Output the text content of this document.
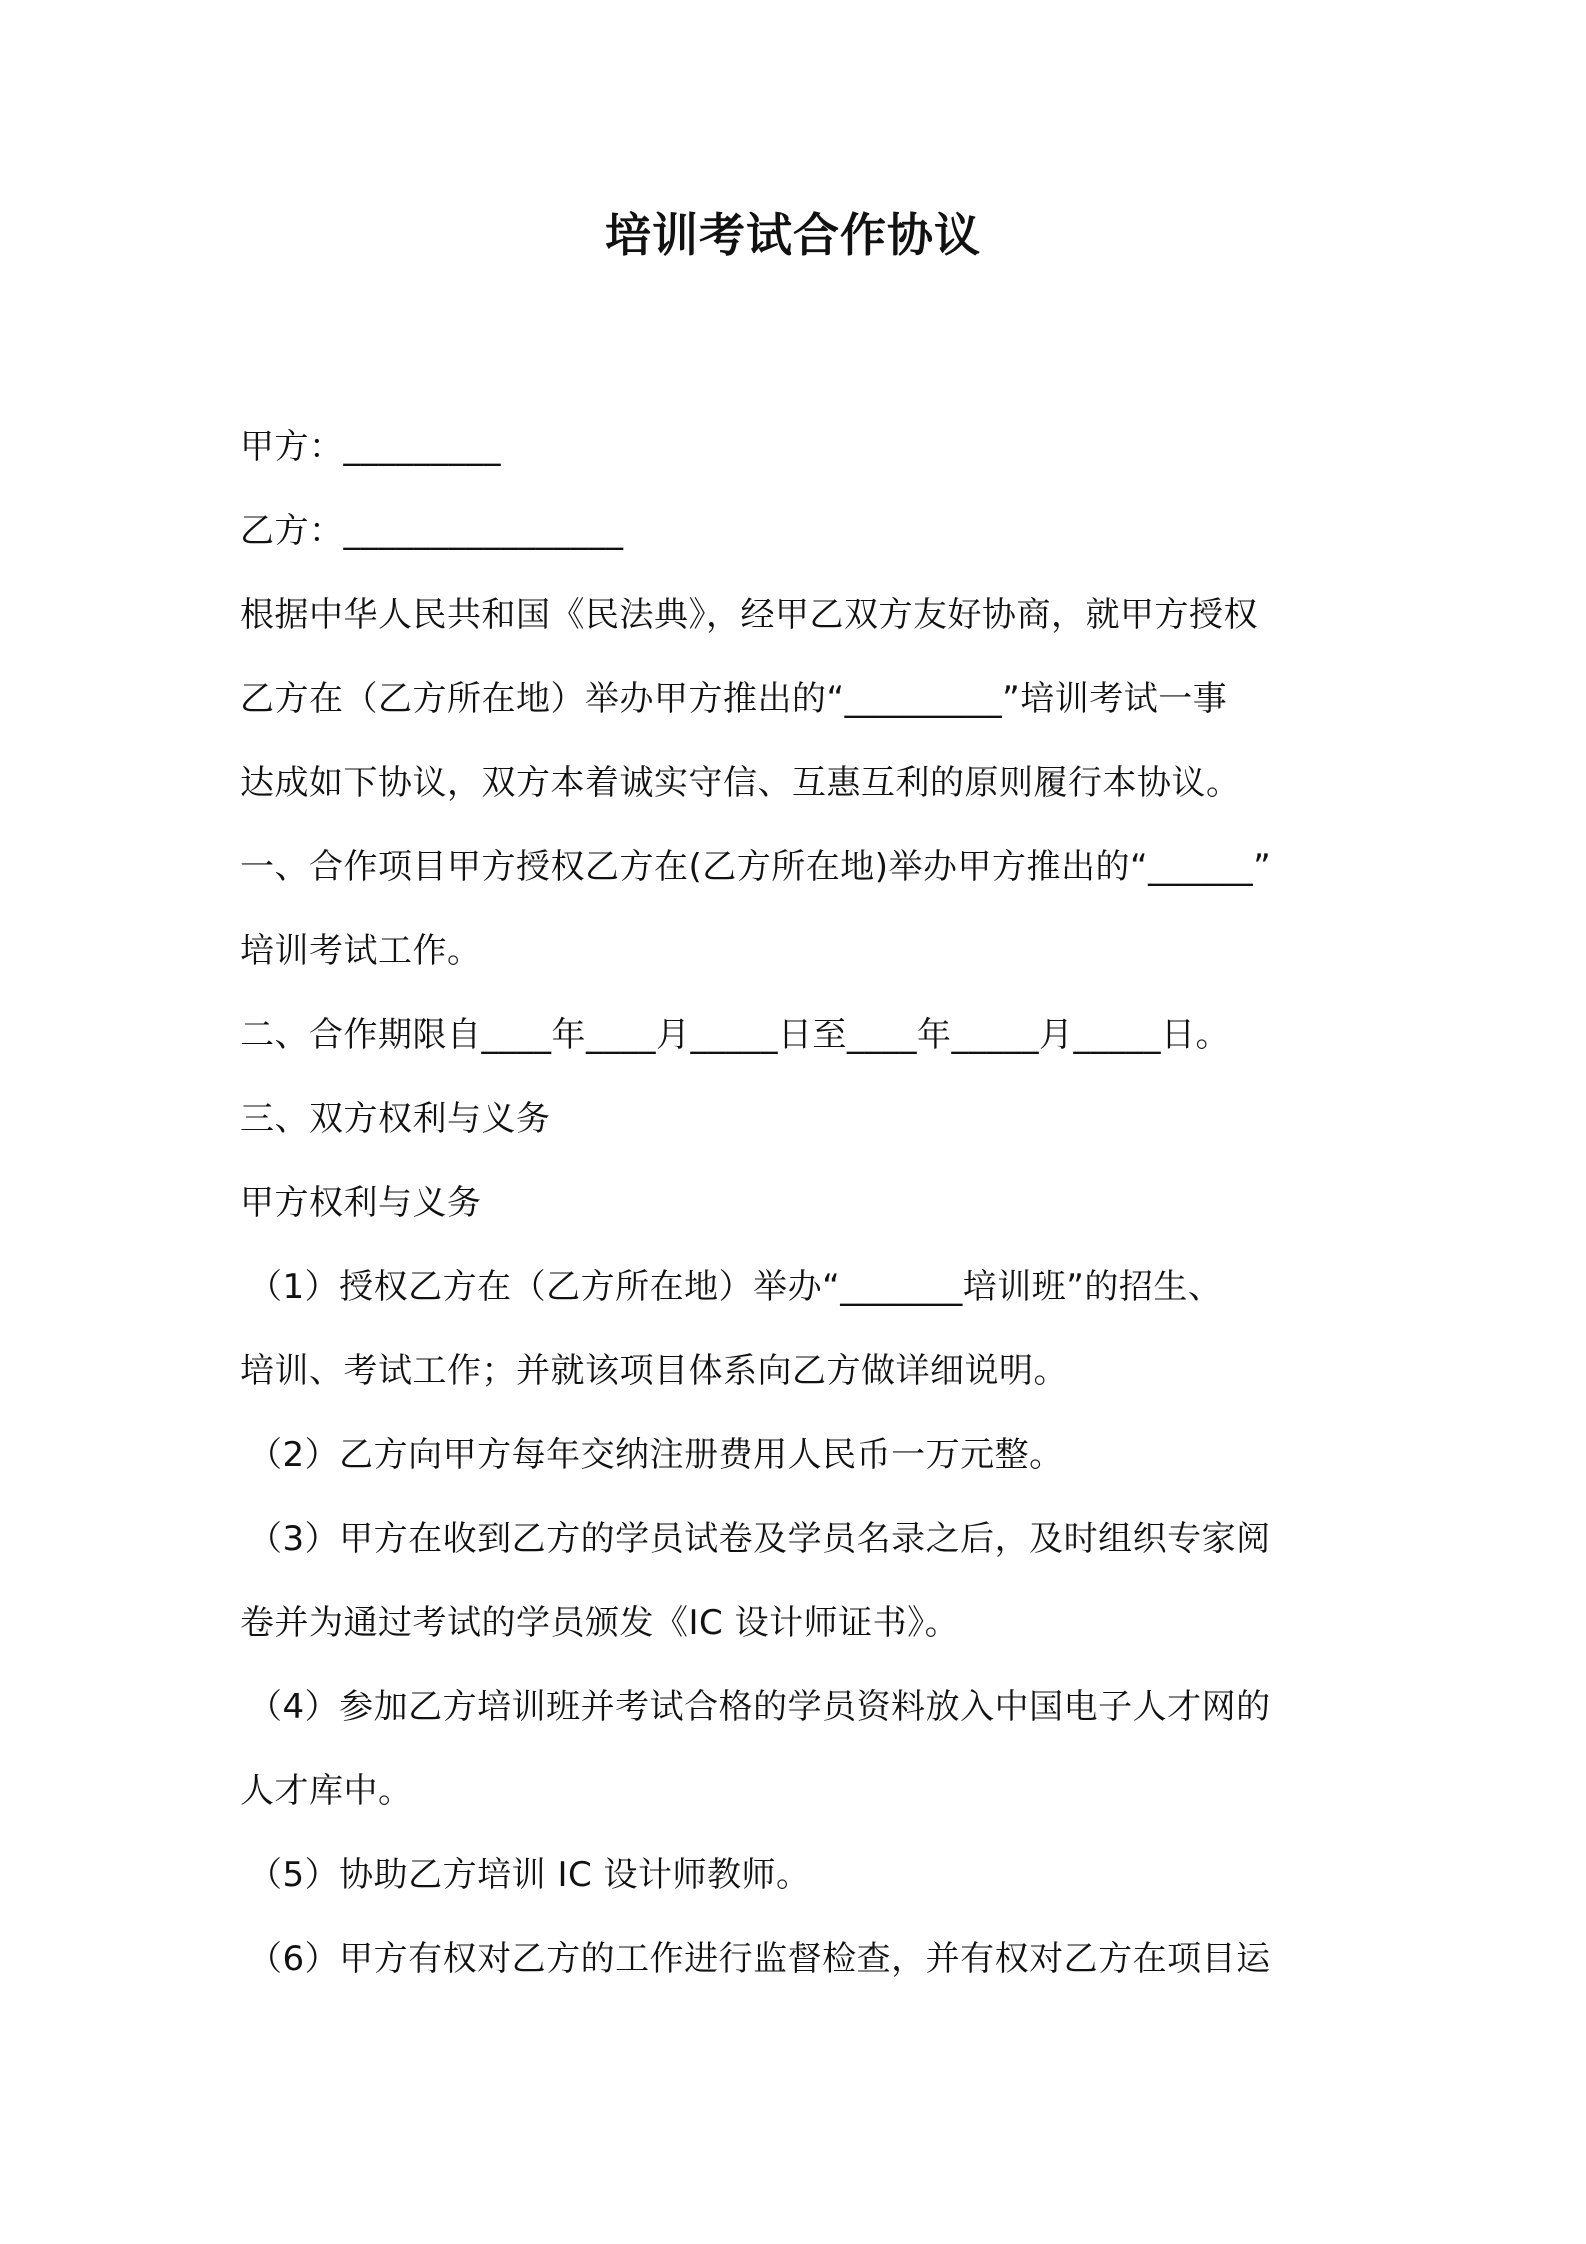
培训考试合作协议
甲方：_________
乙方：________________
根据中华人民共和国《民法典》，经甲乙双方友好协商，就甲方授权
乙方在（乙方所在地）举办甲方推出的“_________”培训考试一事
达成如下协议，双方本着诚实守信、互惠互利的原则履行本协议。
一、合作项目甲方授权乙方在(乙方所在地)举办甲方推出的“______”
培训考试工作。
二、合作期限自____年____月_____日至____年_____月_____日。
三、双方权利与义务
甲方权利与义务
（1）授权乙方在（乙方所在地）举办“_______培训班”的招生、
培训、考试工作；并就该项目体系向乙方做详细说明。
（2）乙方向甲方每年交纳注册费用人民币一万元整。
（3）甲方在收到乙方的学员试卷及学员名录之后，及时组织专家阅
卷并为通过考试的学员颁发《IC 设计师证书》。
（4）参加乙方培训班并考试合格的学员资料放入中国电子人才网的
人才库中。
（5）协助乙方培训 IC 设计师教师。
（6）甲方有权对乙方的工作进行监督检查，并有权对乙方在项目运
